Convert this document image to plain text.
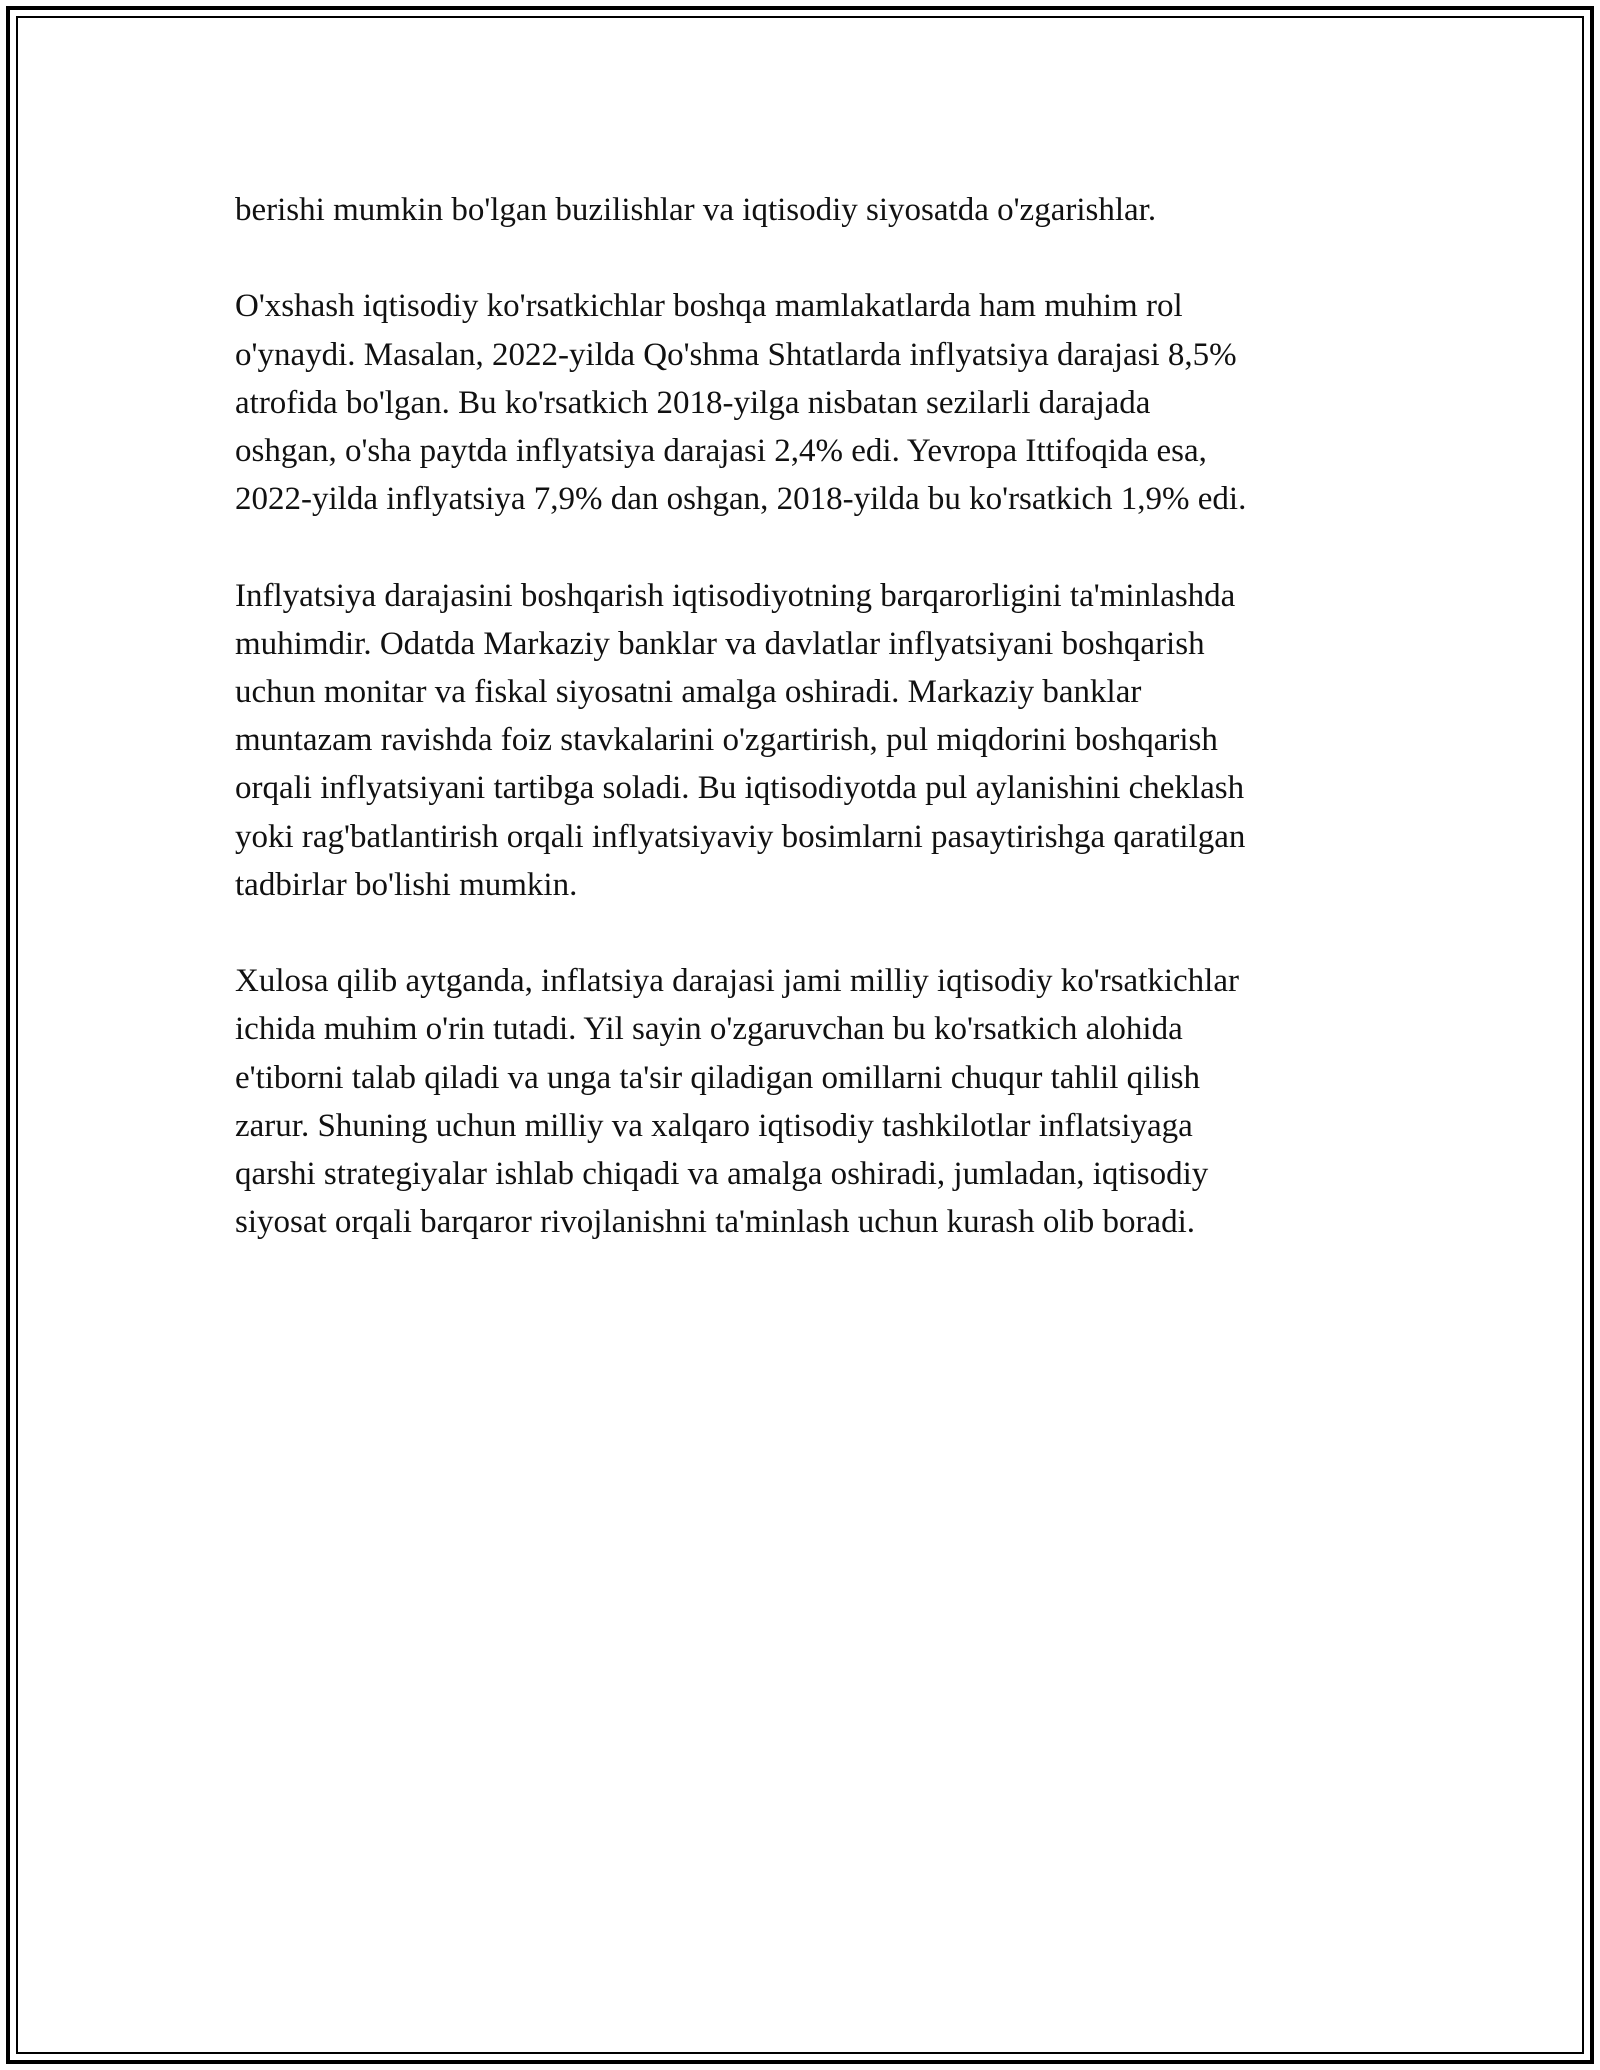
berishi mumkin bo'lgan buzilishlar va iqtisodiy siyosatda o'zgarishlar.
O'xshash iqtisodiy ko'rsatkichlar boshqa mamlakatlarda ham muhim rol
o'ynaydi. Masalan, 2022-yilda Qo'shma Shtatlarda inflyatsiya darajasi 8,5%
atrofida bo'lgan. Bu ko'rsatkich 2018-yilga nisbatan sezilarli darajada
oshgan, o'sha paytda inflyatsiya darajasi 2,4% edi. Yevropa Ittifoqida esa,
2022-yilda inflyatsiya 7,9% dan oshgan, 2018-yilda bu ko'rsatkich 1,9% edi.
Inflyatsiya darajasini boshqarish iqtisodiyotning barqarorligini ta'minlashda
muhimdir. Odatda Markaziy banklar va davlatlar inflyatsiyani boshqarish
uchun monitar va fiskal siyosatni amalga oshiradi. Markaziy banklar
muntazam ravishda foiz stavkalarini o'zgartirish, pul miqdorini boshqarish
orqali inflyatsiyani tartibga soladi. Bu iqtisodiyotda pul aylanishini cheklash
yoki rag'batlantirish orqali inflyatsiyaviy bosimlarni pasaytirishga qaratilgan
tadbirlar bo'lishi mumkin.
Xulosa qilib aytganda, inflatsiya darajasi jami milliy iqtisodiy ko'rsatkichlar
ichida muhim o'rin tutadi. Yil sayin o'zgaruvchan bu ko'rsatkich alohida
e'tiborni talab qiladi va unga ta'sir qiladigan omillarni chuqur tahlil qilish
zarur. Shuning uchun milliy va xalqaro iqtisodiy tashkilotlar inflatsiyaga
qarshi strategiyalar ishlab chiqadi va amalga oshiradi, jumladan, iqtisodiy
siyosat orqali barqaror rivojlanishni ta'minlash uchun kurash olib boradi.
